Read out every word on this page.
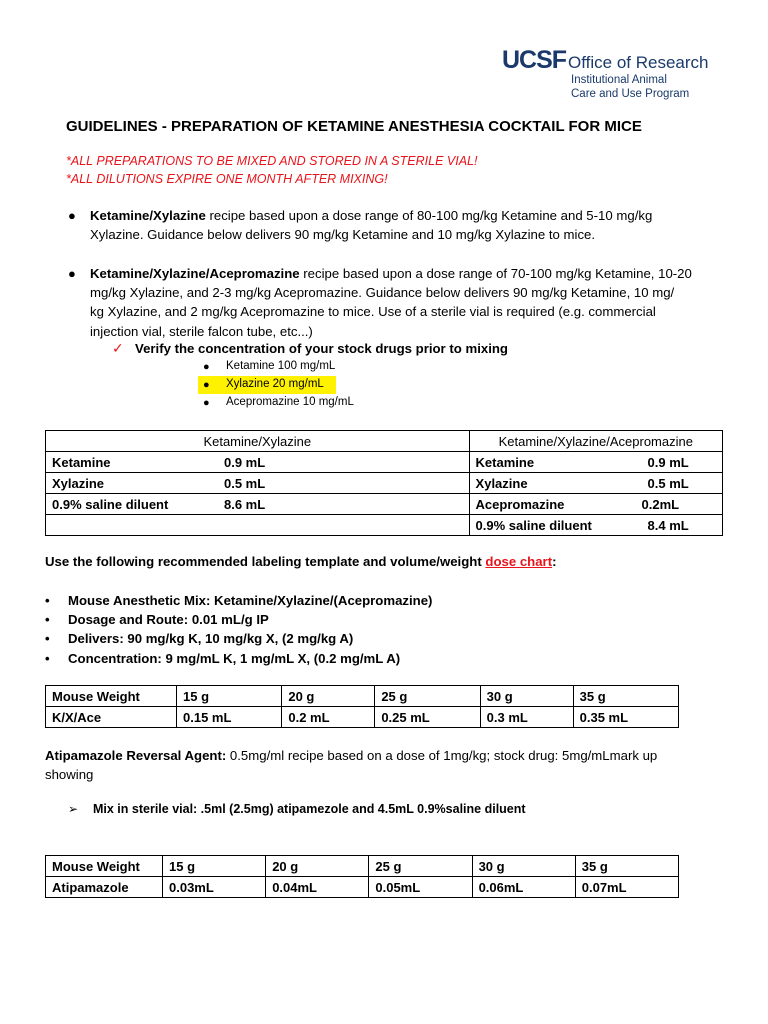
UCSF Office of Research
Institutional Animal
Care and Use Program
GUIDELINES - PREPARATION OF KETAMINE ANESTHESIA COCKTAIL FOR MICE
*ALL PREPARATIONS TO BE MIXED AND STORED IN A STERILE VIAL!
*ALL DILUTIONS EXPIRE ONE MONTH AFTER MIXING!
● Ketamine/Xylazine recipe based upon a dose range of 80-100 mg/kg Ketamine and 5-10 mg/kg
Xylazine. Guidance below delivers 90 mg/kg Ketamine and 10 mg/kg Xylazine to mice.
● Ketamine/Xylazine/Acepromazine recipe based upon a dose range of 70-100 mg/kg Ketamine, 10-20
mg/kg Xylazine, and 2-3 mg/kg Acepromazine. Guidance below delivers 90 mg/kg Ketamine, 10 mg/
kg Xylazine, and 2 mg/kg Acepromazine to mice. Use of a sterile vial is required (e.g. commercial
injection vial, sterile falcon tube, etc...)
✓ Verify the concentration of your stock drugs prior to mixing
● Ketamine 100 mg/mL
● Xylazine 20 mg/mL
● Acepromazine 10 mg/mL
Ketamine/Xylazine		Ketamine/Xylazine/Acepromazine	
Ketamine	0.9 mL	Ketamine	0.9 mL
Xylazine	0.5 mL	Xylazine	0.5 mL
0.9% saline diluent	8.6 mL	Acepromazine	0.2mL
		0.9% saline diluent	8.4 mL
Use the following recommended labeling template and volume/weight dose chart:
• Mouse Anesthetic Mix: Ketamine/Xylazine/(Acepromazine)
• Dosage and Route: 0.01 mL/g IP
• Delivers: 90 mg/kg K, 10 mg/kg X, (2 mg/kg A)
• Concentration: 9 mg/mL K, 1 mg/mL X, (0.2 mg/mL A)
Mouse Weight	15 g	20 g	25 g	30 g	35 g
K/X/Ace	0.15 mL	0.2 mL	0.25 mL	0.3 mL	0.35 mL
Atipamazole Reversal Agent: 0.5mg/ml recipe based on a dose of 1mg/kg; stock drug: 5mg/mLmark up
showing
➢ Mix in sterile vial: .5ml (2.5mg) atipamezole and 4.5mL 0.9%saline diluent
Mouse Weight	15 g	20 g	25 g	30 g	35 g
Atipamazole	0.03mL	0.04mL	0.05mL	0.06mL	0.07mL
